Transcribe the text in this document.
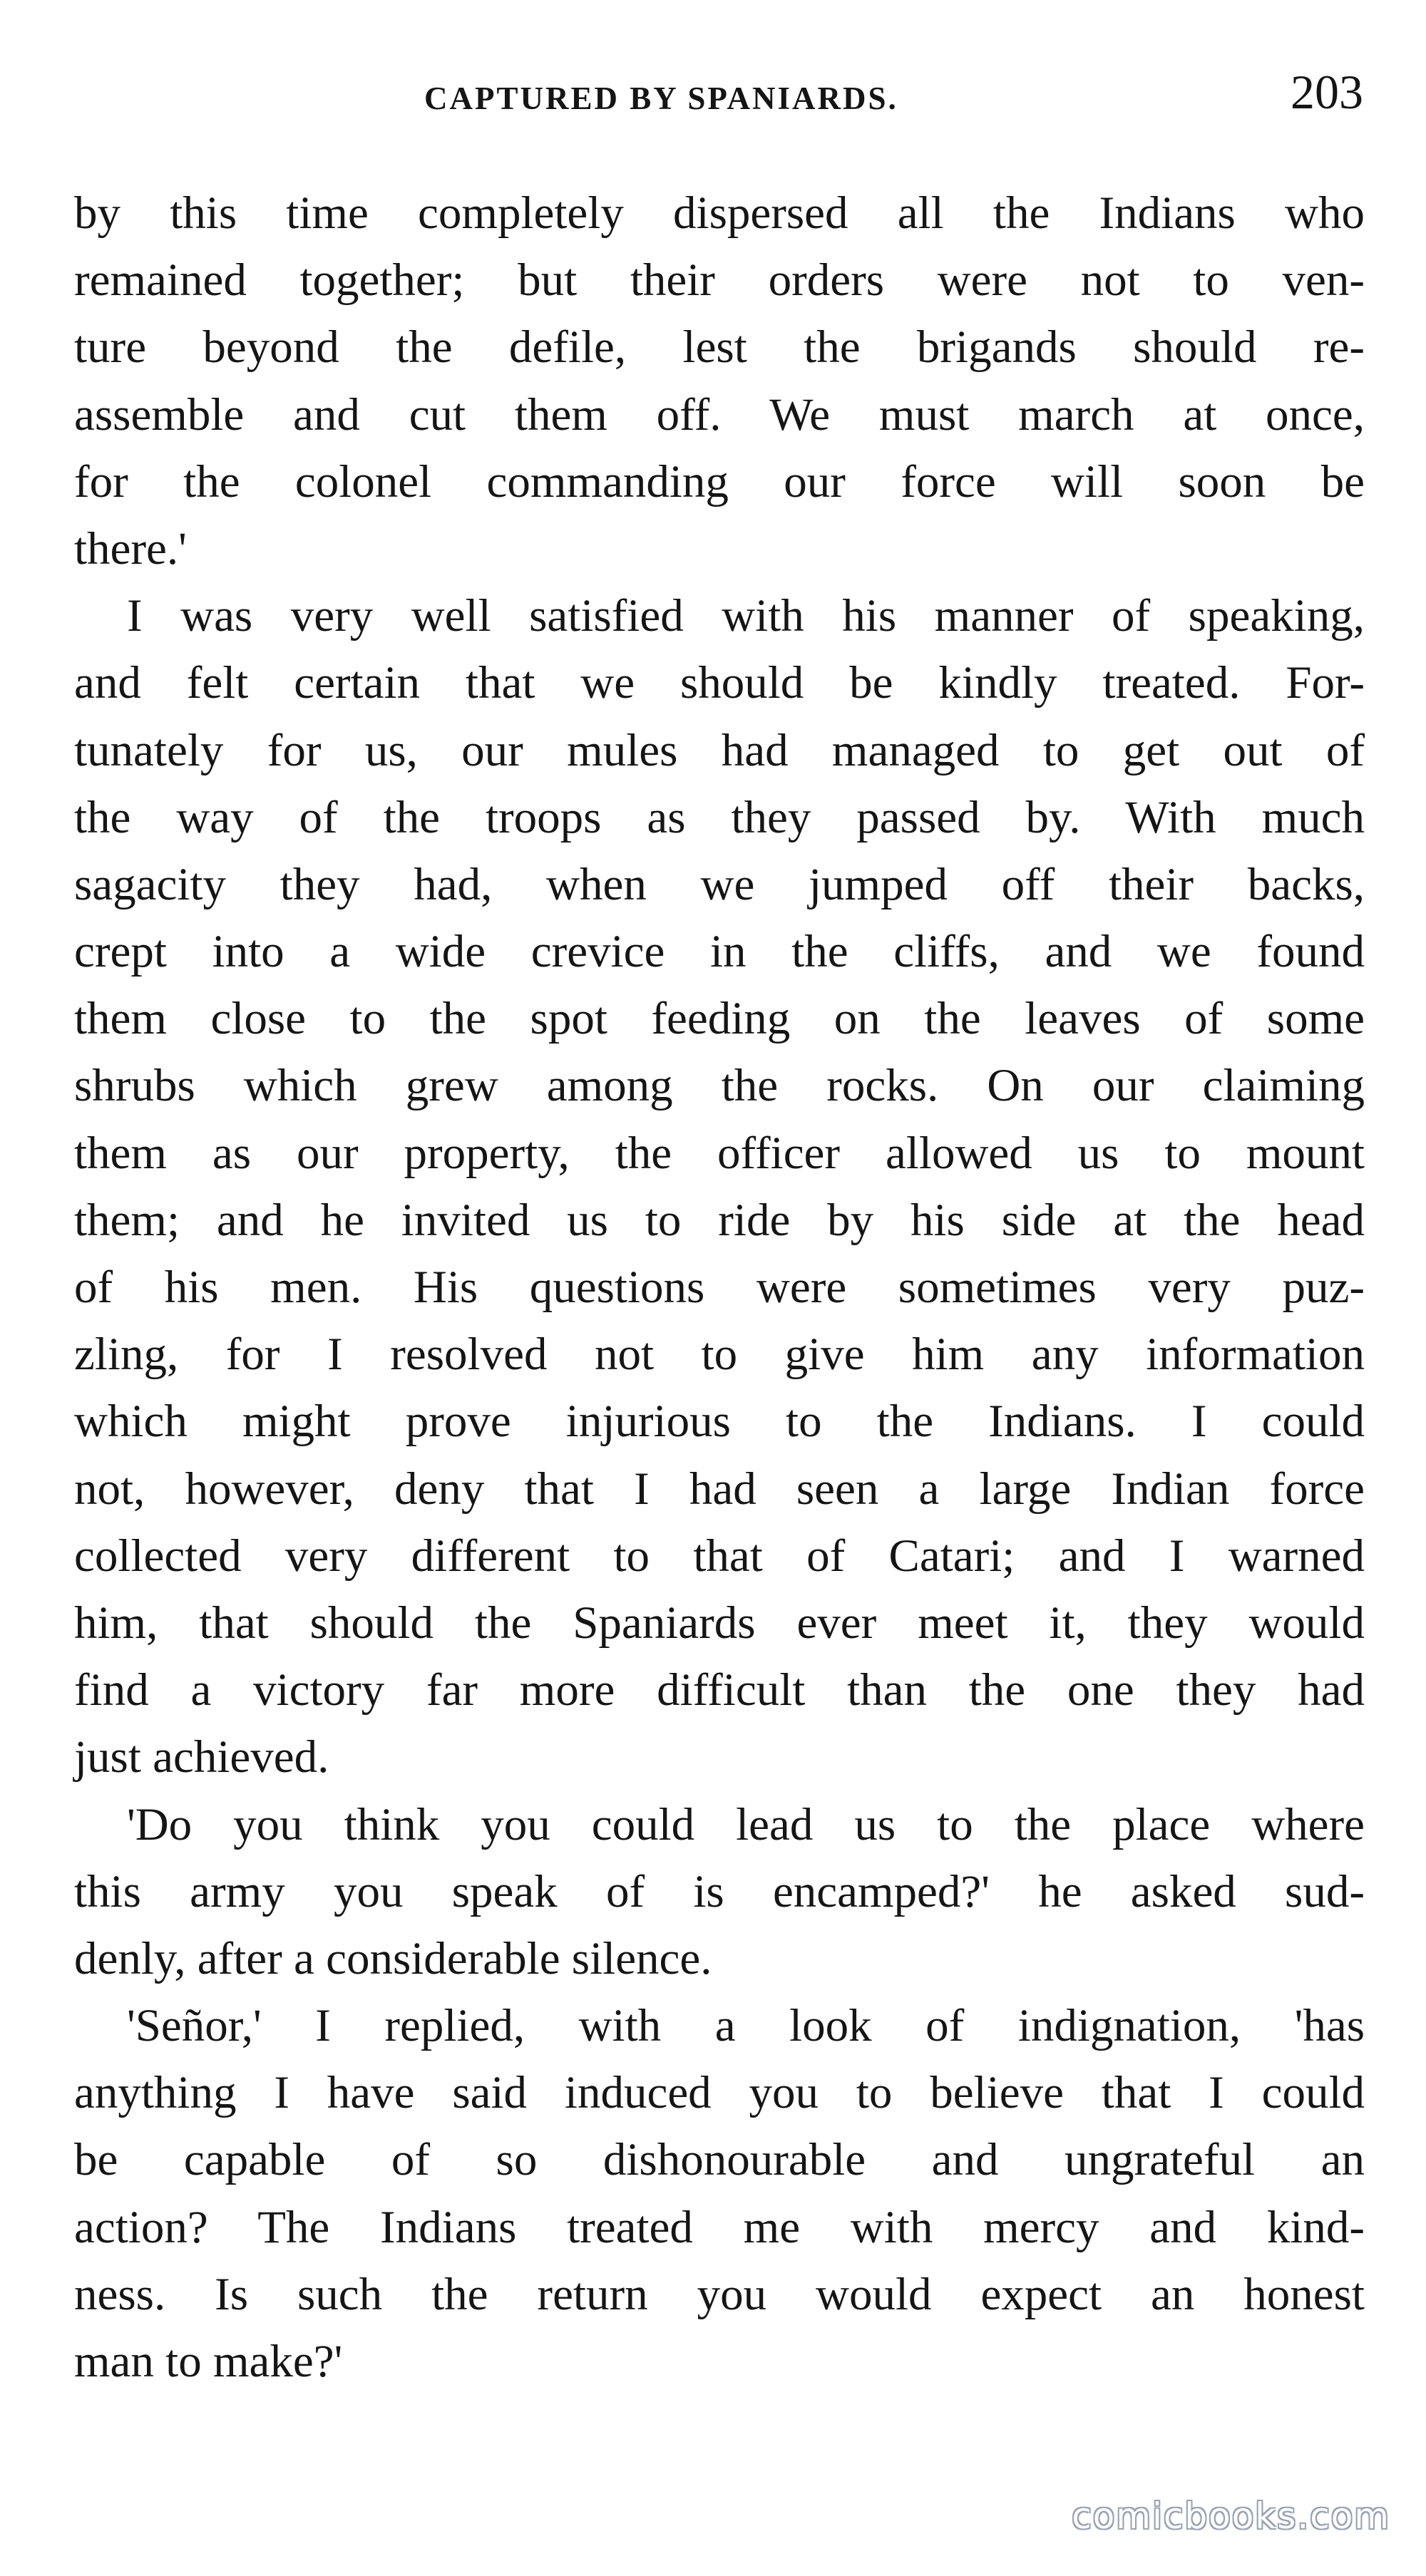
CAPTURED BY SPANIARDS.	203
by this time completely dispersed all the Indians who
remained together; but their orders were not to ven-
ture beyond the defile, lest the brigands should re-
assemble and cut them off. We must march at once,
for the colonel commanding our force will soon be
there.'
I was very well satisfied with his manner of speaking,
and felt certain that we should be kindly treated. For-
tunately for us, our mules had managed to get out of
the way of the troops as they passed by. With much
sagacity they had, when we jumped off their backs,
crept into a wide crevice in the cliffs, and we found
them close to the spot feeding on the leaves of some
shrubs which grew among the rocks. On our claiming
them as our property, the officer allowed us to mount
them; and he invited us to ride by his side at the head
of his men. His questions were sometimes very puz-
zling, for I resolved not to give him any information
which might prove injurious to the Indians. I could
not, however, deny that I had seen a large Indian force
collected very different to that of Catari; and I warned
him, that should the Spaniards ever meet it, they would
find a victory far more difficult than the one they had
just achieved.
'Do you think you could lead us to the place where
this army you speak of is encamped?' he asked sud-
denly, after a considerable silence.
'Señor,' I replied, with a look of indignation, 'has
anything I have said induced you to believe that I could
be capable of so dishonourable and ungrateful an
action? The Indians treated me with mercy and kind-
ness. Is such the return you would expect an honest
man to make?'
comicbooks.com
